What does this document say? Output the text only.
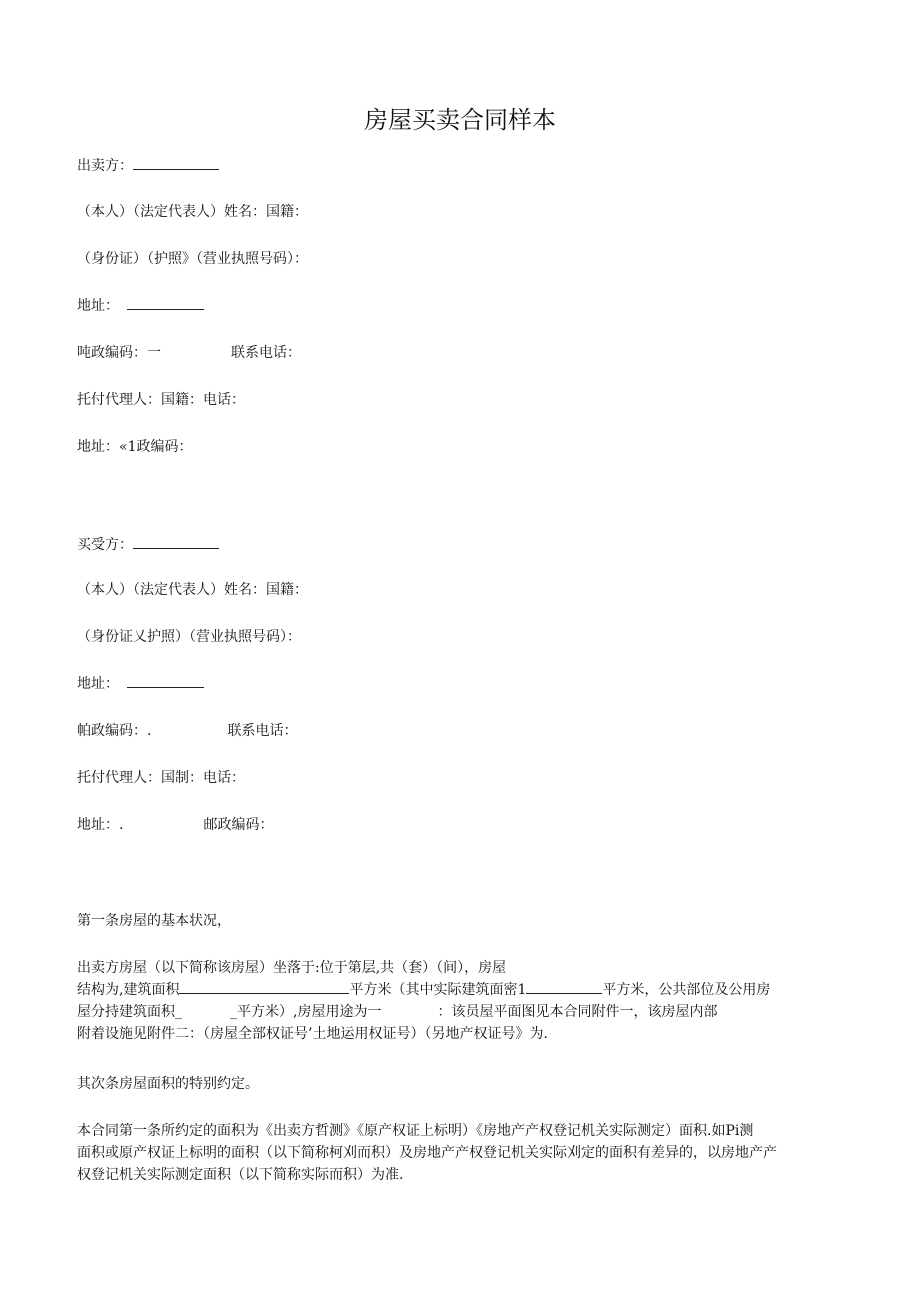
房屋买卖合同样本
出卖方：
（本人）（法定代表人）姓名：国籍：
（身份证）（护照》（营业执照号码）：
地址：
吨政编码：一	联系电话：
托付代理人：国籍：电话：
地址：«1政编码：
买受方：
（本人）（法定代表人）姓名：国籍：
（身份证乂护照）（营业执照号码）：
地址：
帕政编码：.	联系电话：
托付代理人：国制：电话：
地址：.	邮政编码：
第一条房屋的基本状况，
出卖方房屋（以下简称该房屋）坐落于:位于第层,共（套）（间），房屋
结构为,建筑面积	平方米（其中实际建筑面密1	平方米，公共部位及公用房
屋分持建筑面积_	_平方米）,房屋用途为一	：该员屋平面图见本合同附件一，该房屋内部
附着设施见附件二：（房屋全部权证号’土地运用权证号）（另地产权证号》为.
其次条房屋面积的特别约定。
本合同第一条所约定的面积为《出卖方哲测》《原产权证上标明）《房地产产权登记机关实际测定）面积.如Pi测
面积或原产权证上标明的面积（以下简称柯刈而积）及房地产产权登记机关实际刈定的面积有差异的，以房地产产
权登记机关实际测定面积（以下简称实际而积）为准.
